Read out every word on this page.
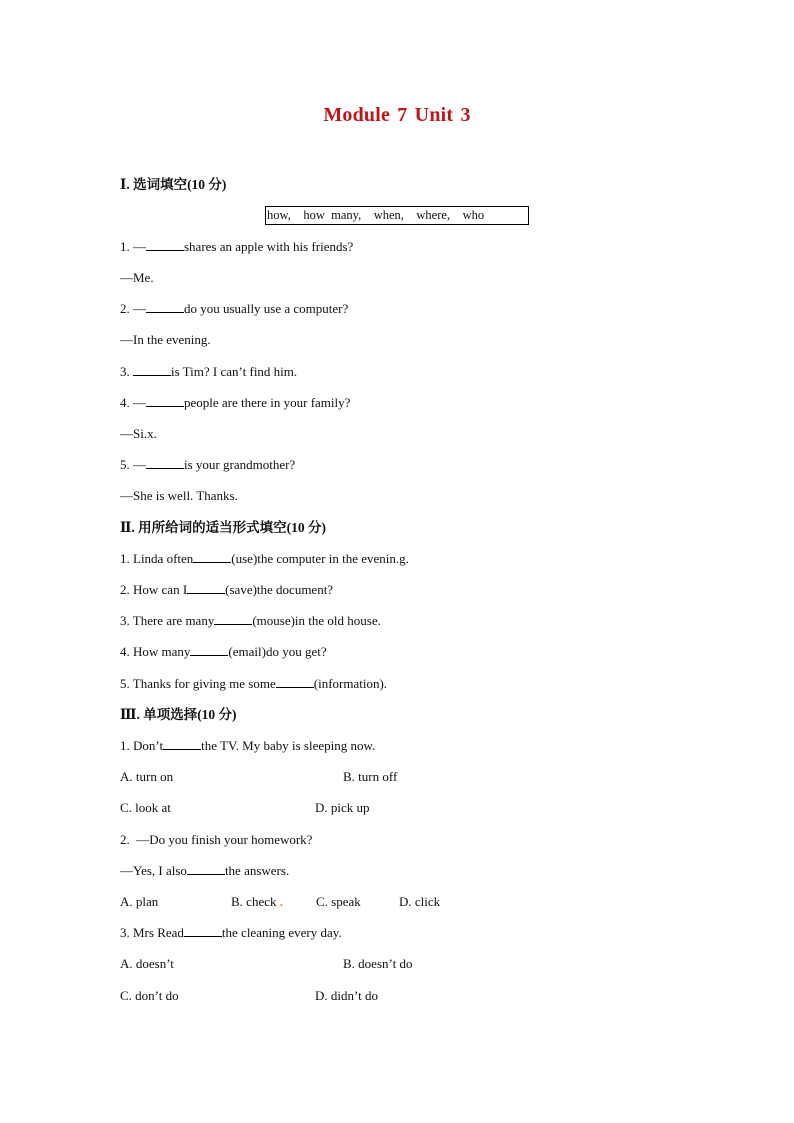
Module 7 Unit 3
Ⅰ. 选词填空(10 分)
how,    how  many,    when,    where,    who
1. —	shares an apple with his friends?
—Me.
2. —	do you usually use a computer?
—In the evening.
3.	is Tim? I can’t find him.
4. —	people are there in your family?
—Si.x.
5. —	is your grandmother?
—She is well. Thanks.
Ⅱ. 用所给词的适当形式填空(10 分)
1. Linda often	(use)the computer in the evenin.g.
2. How can I	(save)the document?
3. There are many	(mouse)in the old house.
4. How many	(email)do you get?
5. Thanks for giving me some	(information).
Ⅲ. 单项选择(10 分)
1. Don’t	the TV. My baby is sleeping now.
A. turn on	B. turn off
C. look at	D. pick up
2.  —Do you finish your homework?
—Yes, I also	the answers.
A. plan	B. check .	C. speak	D. click
3. Mrs Read	the cleaning every day.
A. doesn’t	B. doesn’t do
C. don’t do	D. didn’t do
